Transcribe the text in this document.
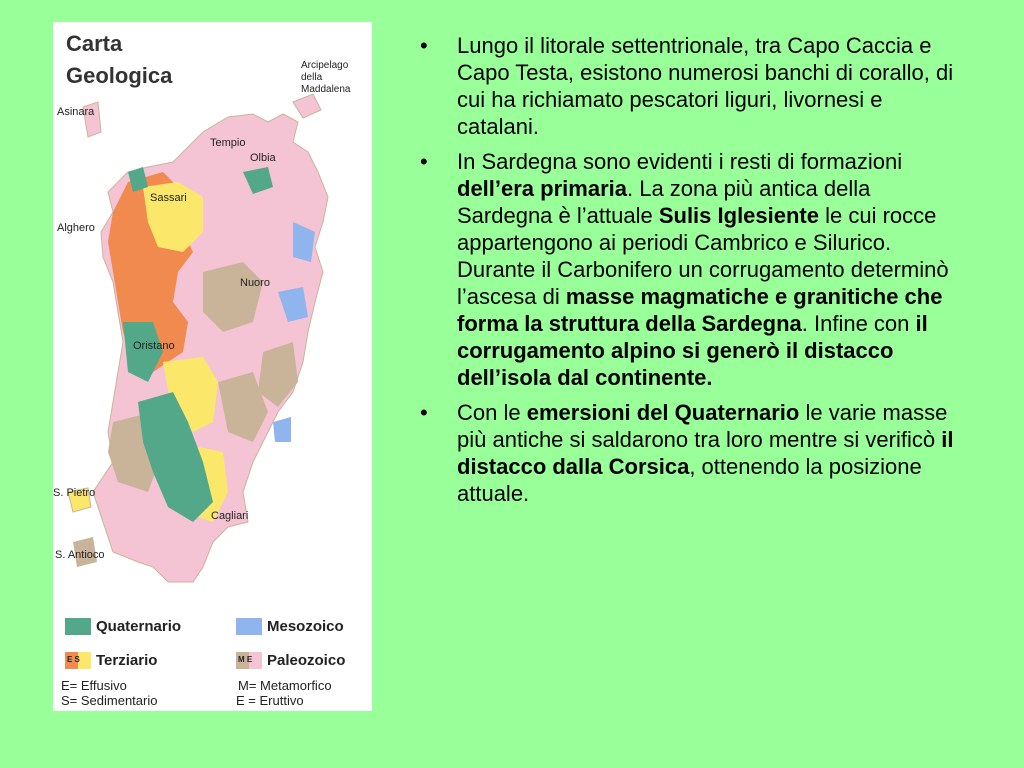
Carta
Geologica	Arcipelago
della
Maddalena
Asinara
Tempio
Olbia
Sassari
Alghero
Nuoro
Oristano
S. Pietro
Cagliari
S. Antioco
Quaternario	Mesozoico
E S Terziario	M E Paleozoico
E= Effusivo
S= Sedimentario
M= Metamorfico
E = Eruttivo
•	Lungo il litorale settentrionale, tra Capo Caccia e Capo Testa, esistono numerosi banchi di corallo, di cui ha richiamato pescatori liguri, livornesi e catalani.
•	In Sardegna sono evidenti i resti di formazioni dell’era primaria. La zona più antica della Sardegna è l’attuale Sulis Iglesiente le cui rocce appartengono ai periodi Cambrico e Silurico. Durante il Carbonifero un corrugamento determinò l’ascesa di masse magmatiche e granitiche che forma la struttura della Sardegna. Infine con il corrugamento alpino si generò il distacco dell’isola dal continente.
•	Con le emersioni del Quaternario le varie masse più antiche si saldarono tra loro mentre si verificò il distacco dalla Corsica, ottenendo la posizione attuale.
